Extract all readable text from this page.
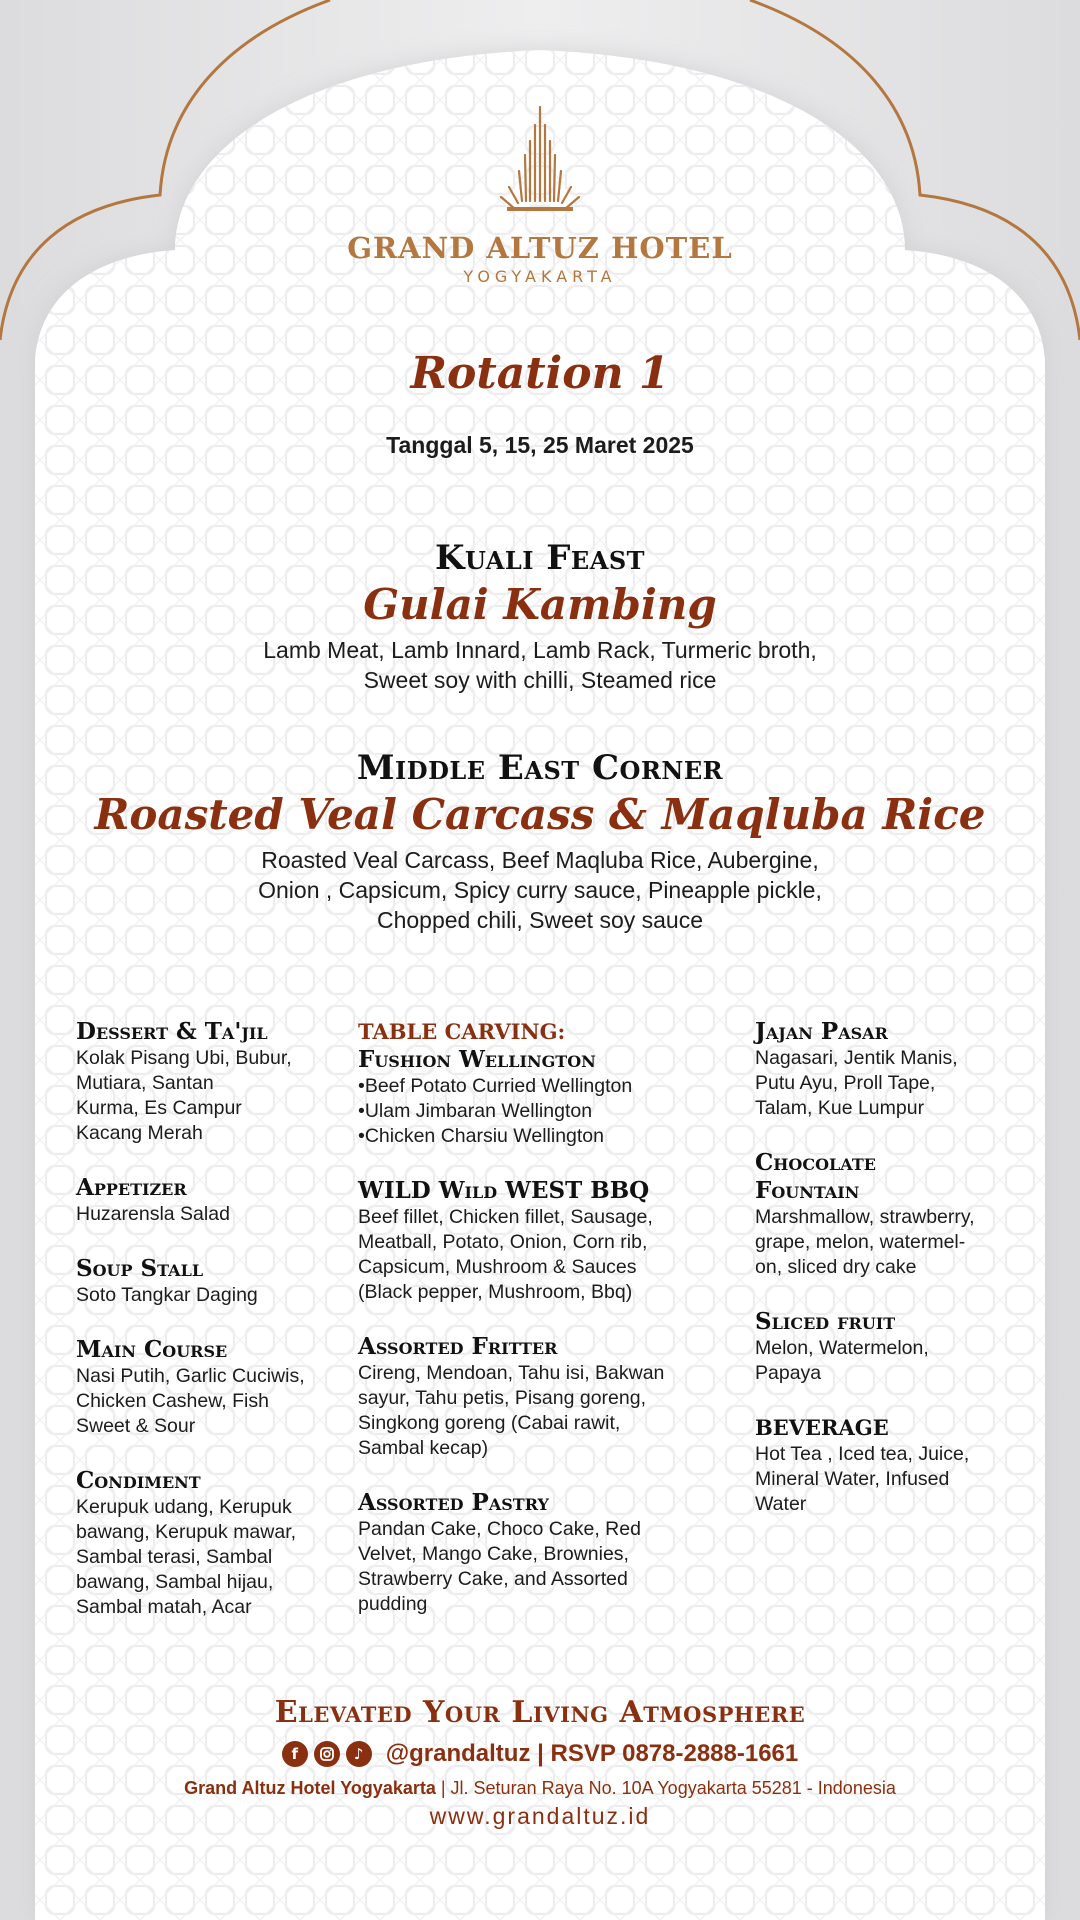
GRAND ALTUZ HOTEL
YOGYAKARTA
Rotation 1
Tanggal 5, 15, 25 Maret 2025
Kuali Feast
Gulai Kambing
Lamb Meat, Lamb Innard, Lamb Rack, Turmeric broth,
Sweet soy with chilli, Steamed rice
Middle East Corner
Roasted Veal Carcass & Maqluba Rice
Roasted Veal Carcass, Beef Maqluba Rice, Aubergine,
Onion , Capsicum, Spicy curry sauce, Pineapple pickle,
Chopped chili, Sweet soy sauce
Dessert & Ta'jil
Kolak Pisang Ubi, Bubur,
Mutiara, Santan
Kurma, Es Campur
Kacang Merah
Appetizer
Huzarensla Salad
Soup Stall
Soto Tangkar Daging
Main Course
Nasi Putih, Garlic Cuciwis,
Chicken Cashew, Fish
Sweet & Sour
Condiment
Kerupuk udang, Kerupuk
bawang, Kerupuk mawar,
Sambal terasi, Sambal
bawang, Sambal hijau,
Sambal matah, Acar
TABLE CARVING:
Fushion Wellington
• Beef Potato Curried Wellington
• Ulam Jimbaran Wellington
• Chicken Charsiu Wellington
WILD Wild WEST BBQ
Beef fillet, Chicken fillet, Sausage,
Meatball, Potato, Onion, Corn rib,
Capsicum, Mushroom & Sauces
(Black pepper, Mushroom, Bbq)
Assorted Fritter
Cireng, Mendoan, Tahu isi, Bakwan
sayur, Tahu petis, Pisang goreng,
Singkong goreng (Cabai rawit,
Sambal kecap)
Assorted Pastry
Pandan Cake, Choco Cake, Red
Velvet, Mango Cake, Brownies,
Strawberry Cake, and Assorted
pudding
Jajan Pasar
Nagasari, Jentik Manis,
Putu Ayu, Proll Tape,
Talam, Kue Lumpur
Chocolate
Fountain
Marshmallow, strawberry,
grape, melon, watermel-
on, sliced dry cake
Sliced fruit
Melon, Watermelon,
Papaya
BEVERAGE
Hot Tea , Iced tea, Juice,
Mineral Water, Infused
Water
Elevated Your Living Atmosphere
f	♪ @grandaltuz | RSVP 0878-2888-1661
Grand Altuz Hotel Yogyakarta | Jl. Seturan Raya No. 10A Yogyakarta 55281 - Indonesia
www.grandaltuz.id
